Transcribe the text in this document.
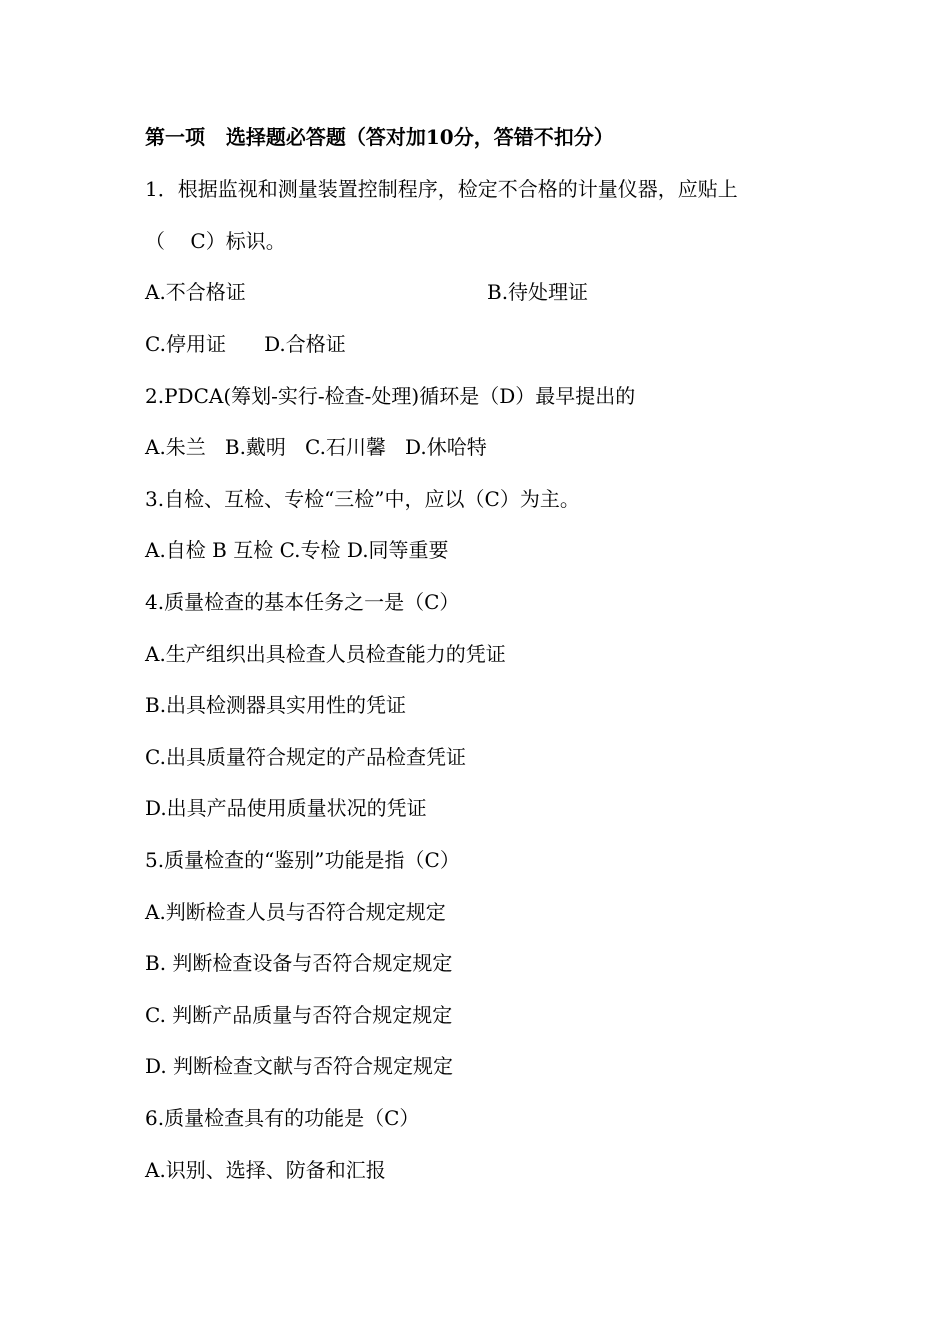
第一项   选择题必答题（答对加10分，答错不扣分）
1．根据监视和测量装置控制程序，检定不合格的计量仪器，应贴上
（    C）标识。
A.不合格证	B.待处理证
C.停用证      D.合格证
2.PDCA(筹划-实行-检查-处理)循环是（D）最早提出的
A.朱兰   B.戴明   C.石川馨   D.休哈特
3.自检、互检、专检“三检”中，应以（C）为主。
A.自检 B 互检 C.专检 D.同等重要
4.质量检查的基本任务之一是（C）
A.生产组织出具检查人员检查能力的凭证
B.出具检测器具实用性的凭证
C.出具质量符合规定的产品检查凭证
D.出具产品使用质量状况的凭证
5.质量检查的“鉴别”功能是指（C）
A.判断检查人员与否符合规定规定
B. 判断检查设备与否符合规定规定
C. 判断产品质量与否符合规定规定
D. 判断检查文献与否符合规定规定
6.质量检查具有的功能是（C）
A.识别、选择、防备和汇报
